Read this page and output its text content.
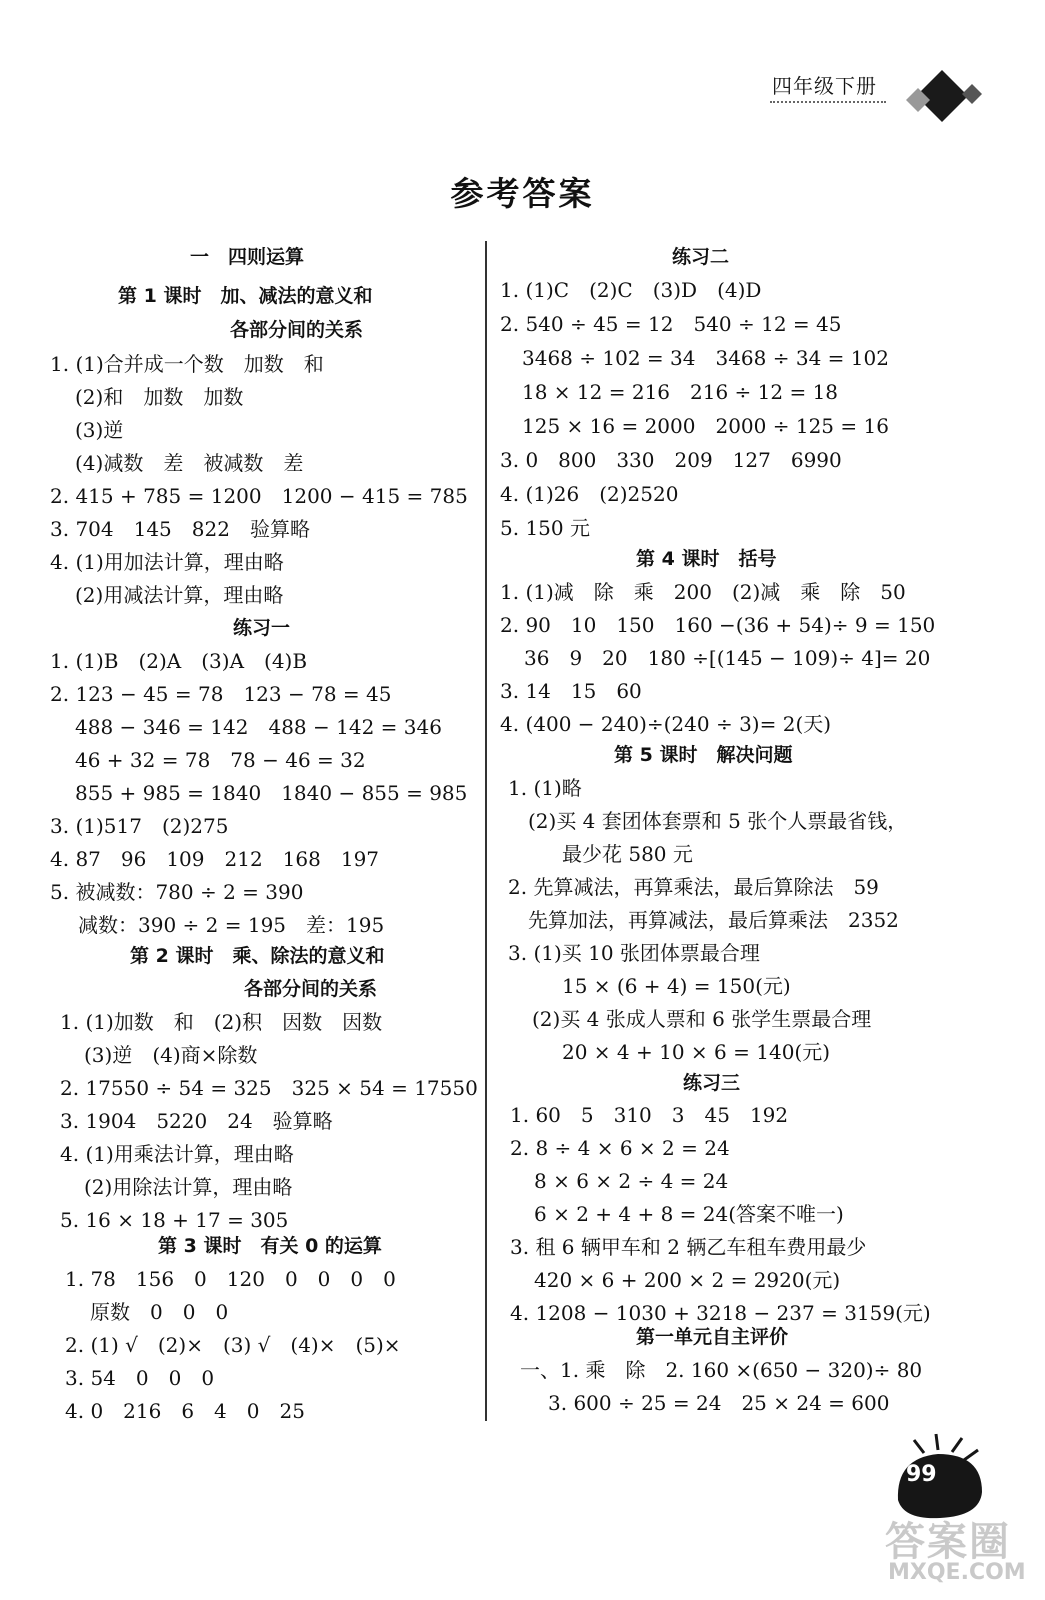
四年级下册
参考答案
一　四则运算
第 1 课时　加、减法的意义和
各部分间的关系
1. (1)合并成一个数　加数　和
(2)和　加数　加数
(3)逆
(4)减数　差　被减数　差
2. 415 + 785 = 1200　1200 − 415 = 785
3. 704　145　822　验算略
4. (1)用加法计算，理由略
(2)用减法计算，理由略
练习一
1. (1)B　(2)A　(3)A　(4)B
2. 123 − 45 = 78　123 − 78 = 45
488 − 346 = 142　488 − 142 = 346
46 + 32 = 78　78 − 46 = 32
855 + 985 = 1840　1840 − 855 = 985
3. (1)517　(2)275
4. 87　96　109　212　168　197
5. 被减数：780 ÷ 2 = 390
减数：390 ÷ 2 = 195　差：195
第 2 课时　乘、除法的意义和
各部分间的关系
1. (1)加数　和　(2)积　因数　因数
(3)逆　(4)商×除数
2. 17550 ÷ 54 = 325　325 × 54 = 17550
3. 1904　5220　24　验算略
4. (1)用乘法计算，理由略
(2)用除法计算，理由略
5. 16 × 18 + 17 = 305
第 3 课时　有关 0 的运算
1. 78　156　0　120　0　0　0　0
原数　0　0　0
2. (1) √　(2)×　(3) √　(4)×　(5)×
3. 54　0　0　0
4. 0　216　6　4　0　25
练习二
1. (1)C　(2)C　(3)D　(4)D
2. 540 ÷ 45 = 12　540 ÷ 12 = 45
3468 ÷ 102 = 34　3468 ÷ 34 = 102
18 × 12 = 216　216 ÷ 12 = 18
125 × 16 = 2000　2000 ÷ 125 = 16
3. 0　800　330　209　127　6990
4. (1)26　(2)2520
5. 150 元
第 4 课时　括号
1. (1)减　除　乘　200　(2)减　乘　除　50
2. 90　10　150　160 −(36 + 54)÷ 9 = 150
36　9　20　180 ÷[(145 − 109)÷ 4]= 20
3. 14　15　60
4. (400 − 240)÷(240 ÷ 3)= 2(天)
第 5 课时　解决问题
1. (1)略
(2)买 4 套团体套票和 5 张个人票最省钱，
最少花 580 元
2. 先算减法，再算乘法，最后算除法　59
先算加法，再算减法，最后算乘法　2352
3. (1)买 10 张团体票最合理
15 × (6 + 4) = 150(元)
(2)买 4 张成人票和 6 张学生票最合理
20 × 4 + 10 × 6 = 140(元)
练习三
1. 60　5　310　3　45　192
2. 8 ÷ 4 × 6 × 2 = 24
8 × 6 × 2 ÷ 4 = 24
6 × 2 + 4 + 8 = 24(答案不唯一)
3. 租 6 辆甲车和 2 辆乙车租车费用最少
420 × 6 + 200 × 2 = 2920(元)
4. 1208 − 1030 + 3218 − 237 = 3159(元)
第一单元自主评价
一、1. 乘　除　2. 160 ×(650 − 320)÷ 80
3. 600 ÷ 25 = 24　25 × 24 = 600
99
答案圈
MXQE.COM
